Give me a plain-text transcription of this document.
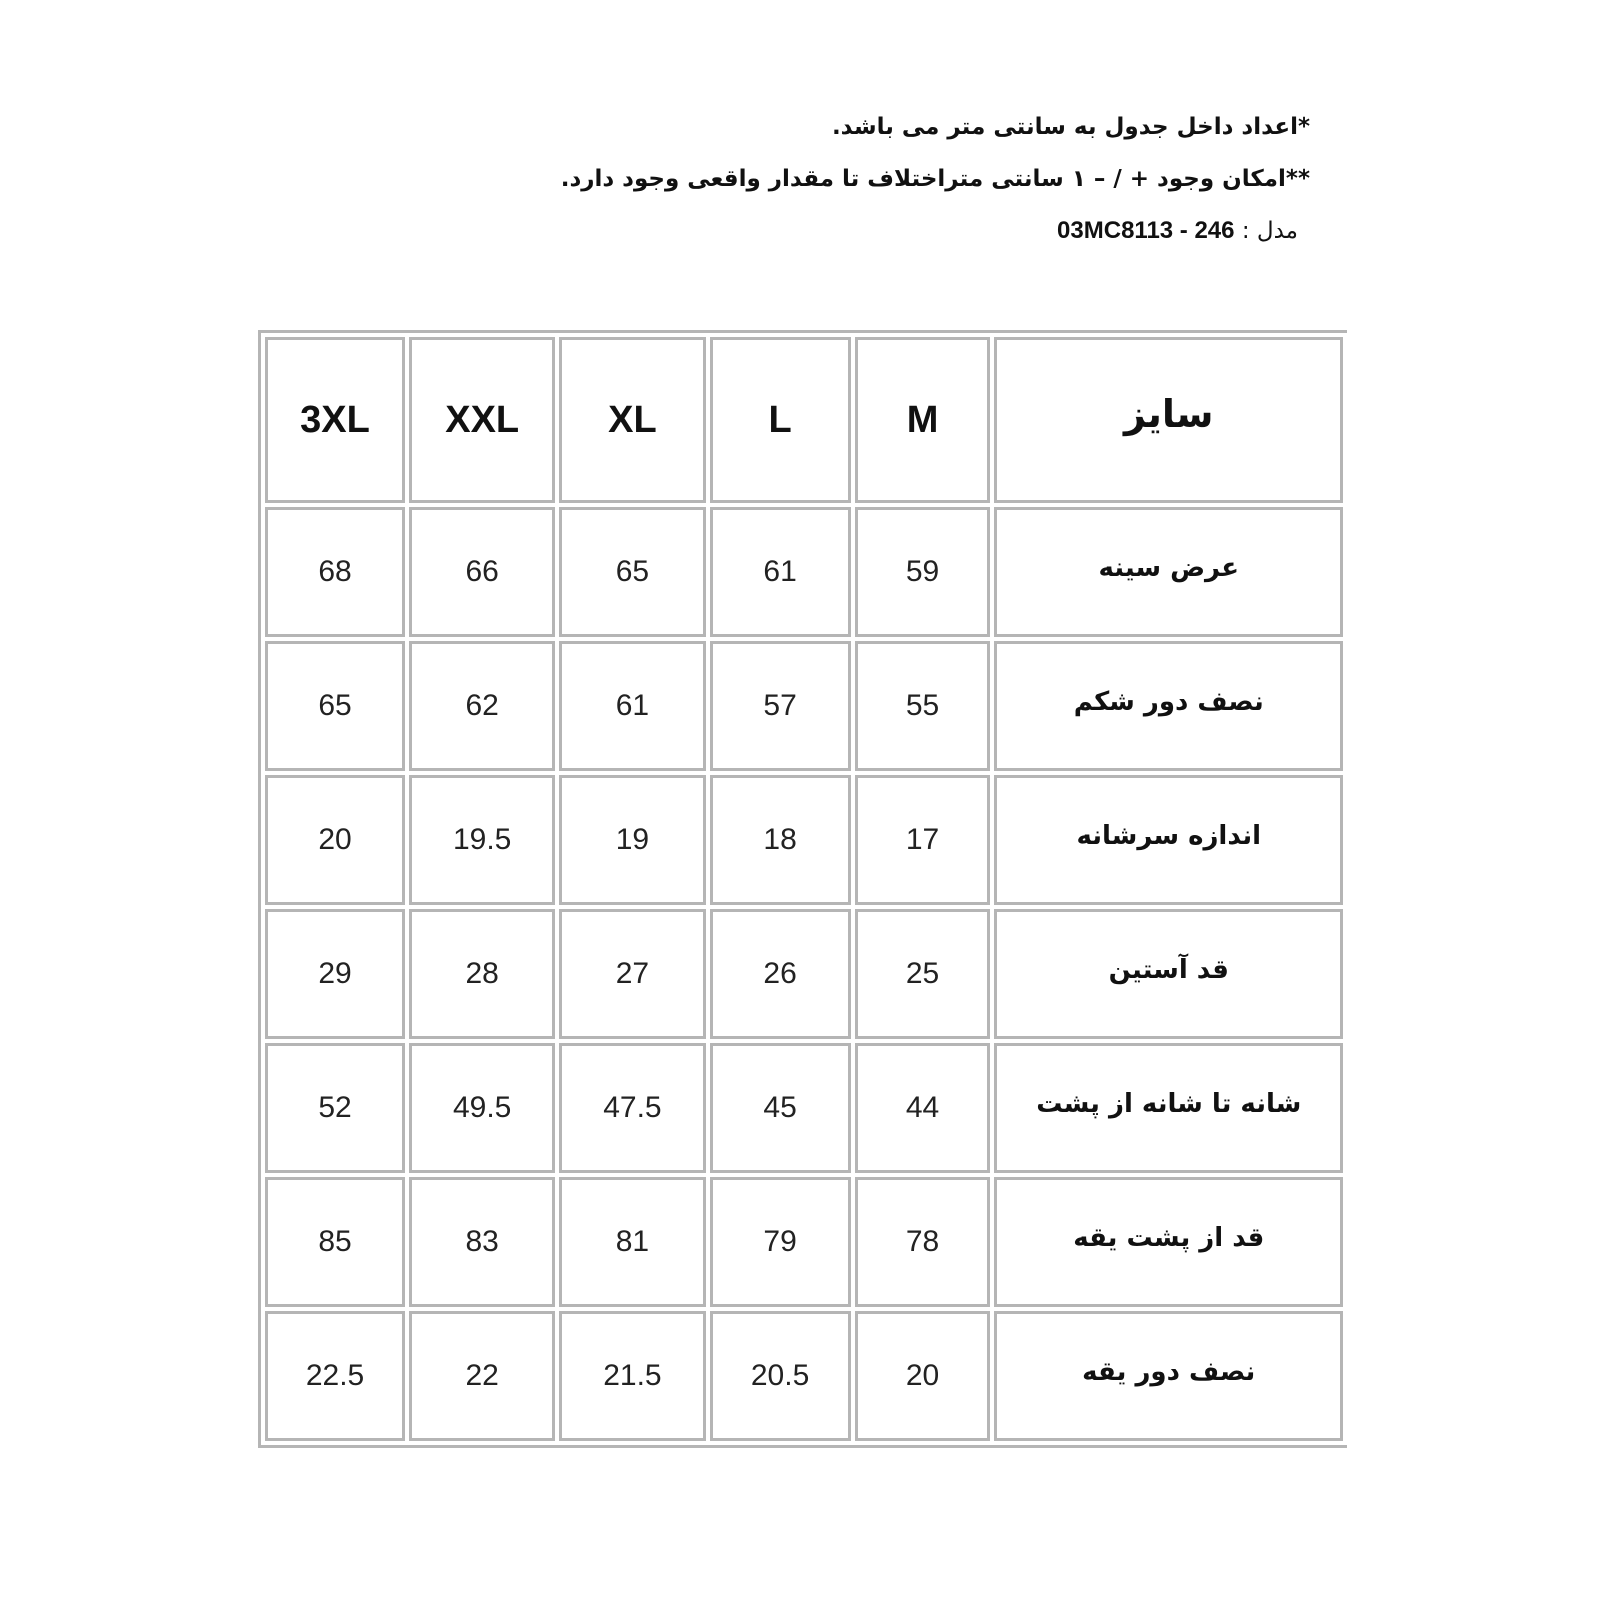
*اعداد داخل جدول به سانتی متر می باشد.
**امکان وجود + / – ۱ سانتی متراختلاف تا مقدار واقعی وجود دارد.
مدل : 03MC8113 - 246
سایز	M	L	XL	XXL	3XL
عرض سینه	59	61	65	66	68
نصف دور شکم	55	57	61	62	65
اندازه سرشانه	17	18	19	19.5	20
قد آستین	25	26	27	28	29
شانه تا شانه از پشت	44	45	47.5	49.5	52
قد از پشت یقه	78	79	81	83	85
نصف دور یقه	20	20.5	21.5	22	22.5
